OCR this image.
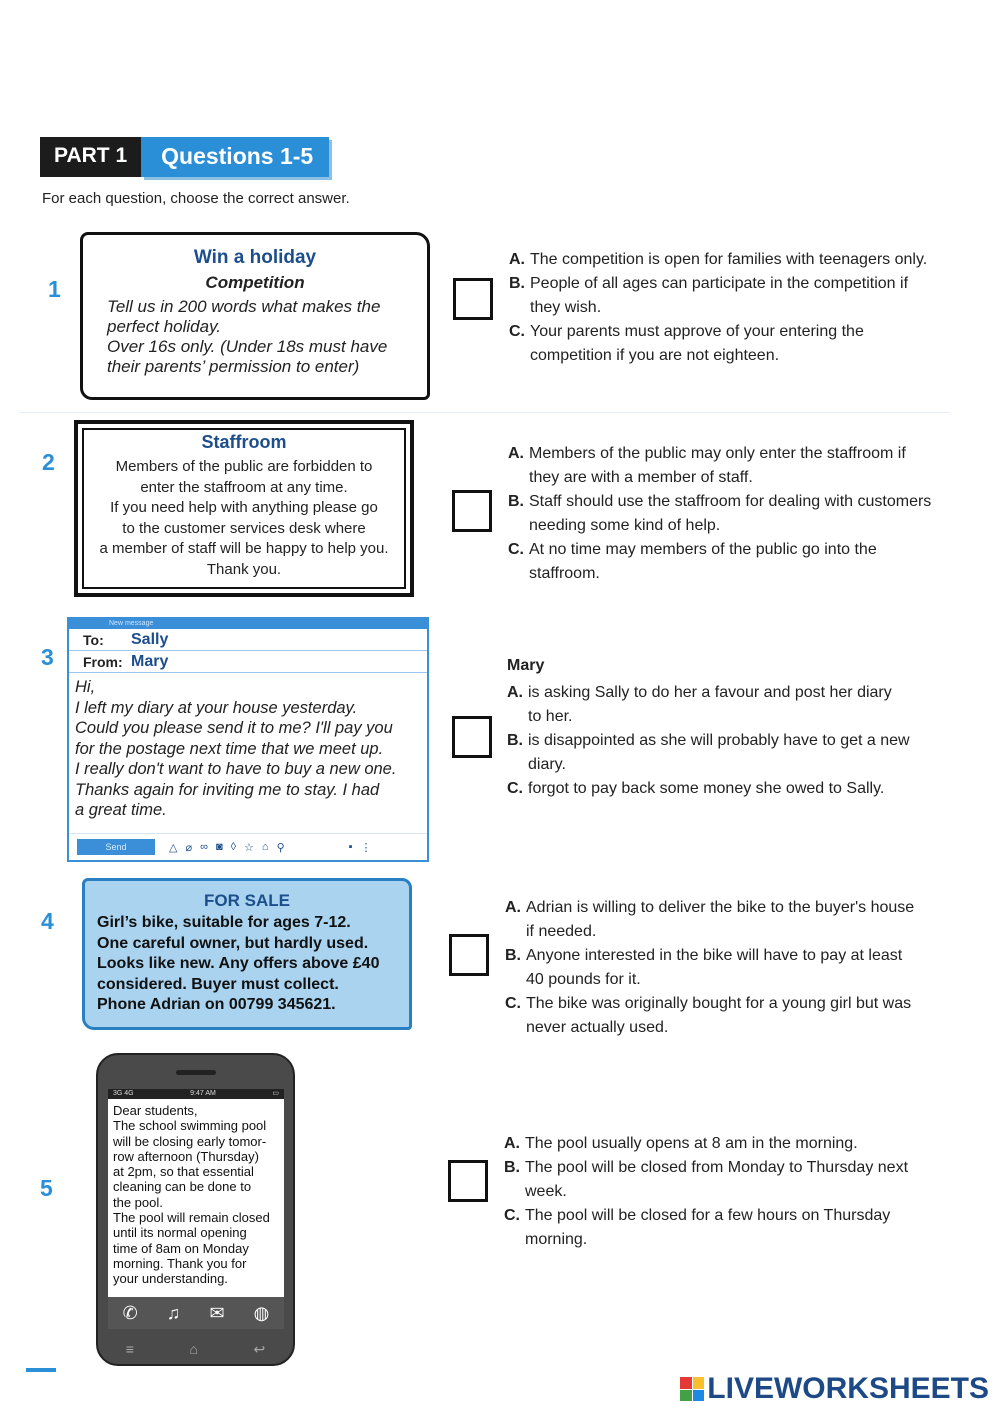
PART 1	Questions 1-5
For each question, choose the correct answer.
1
Win a holiday
Competition
Tell us in 200 words what makes the
perfect holiday.
Over 16s only. (Under 18s must have
their parents’ permission to enter)
A. The competition is open for families with teenagers only.
B. People of all ages can participate in the competition if
they wish.
C. Your parents must approve of your entering the
competition if you are not eighteen.
2
Staffroom
Members of the public are forbidden to
enter the staffroom at any time.
If you need help with anything please go
to the customer services desk where
a member of staff will be happy to help you.
Thank you.
A. Members of the public may only enter the staffroom if
they are with a member of staff.
B. Staff should use the staffroom for dealing with customers
needing some kind of help.
C. At no time may members of the public go into the
staffroom.
3
New message
To:	Sally
From: Mary
Hi,
I left my diary at your house yesterday.
Could you please send it to me? I'll pay you
for the postage next time that we meet up.
I really don't want to have to buy a new one.
Thanks again for inviting me to stay. I had
a great time.
Send	△ ⌀ ∞ ◙ ◊ ☆ ⌂ ⚲	▪ ⋮
Mary
A. is asking Sally to do her a favour and post her diary
to her.
B. is disappointed as she will probably have to get a new
diary.
C. forgot to pay back some money she owed to Sally.
4
FOR SALE
Girl’s bike, suitable for ages 7-12.
One careful owner, but hardly used.
Looks like new. Any offers above £40
considered. Buyer must collect.
Phone Adrian on 00799 345621.
A. Adrian is willing to deliver the bike to the buyer's house
if needed.
B. Anyone interested in the bike will have to pay at least
40 pounds for it.
C. The bike was originally bought for a young girl but was
never actually used.
5
3G 4G	9:47 AM	▭
Dear students,
The school swimming pool
will be closing early tomor-
row afternoon (Thursday)
at 2pm, so that essential
cleaning can be done to
the pool.
The pool will remain closed
until its normal opening
time of 8am on Monday
morning. Thank you for
your understanding.
✆ ♫ ✉ ◍
≡	⌂	↩
A. The pool usually opens at 8 am in the morning.
B. The pool will be closed from Monday to Thursday next
week.
C. The pool will be closed for a few hours on Thursday
morning.
LIVEWORKSHEETS
